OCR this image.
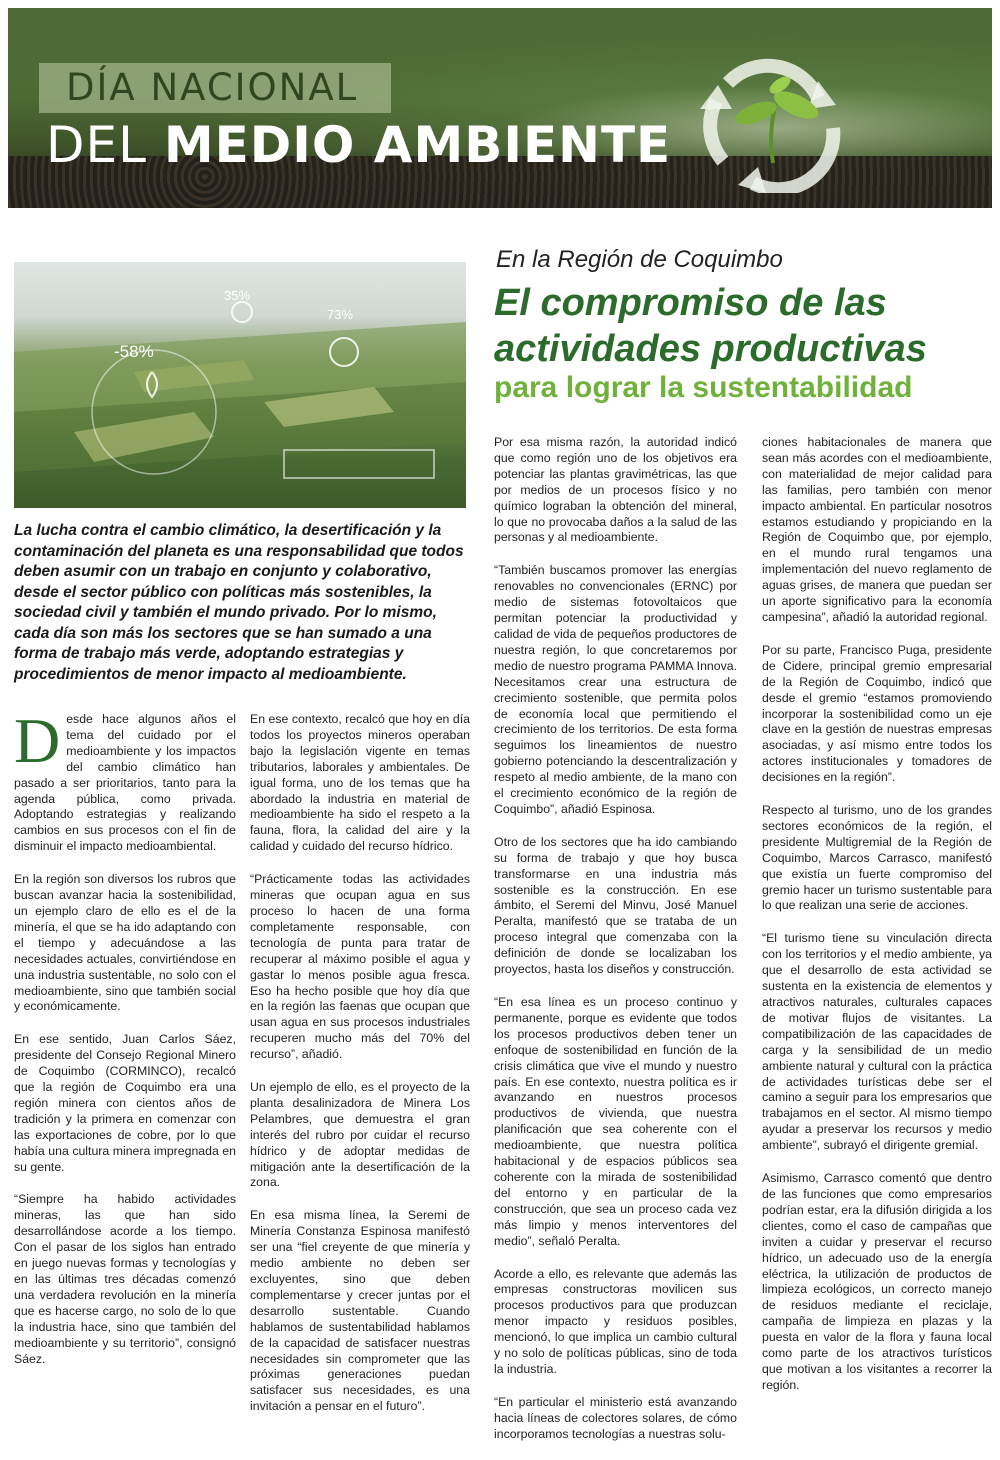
DÍA NACIONAL
DEL MEDIO AMBIENTE
-58%
35%
73%
En la Región de Coquimbo
El compromiso de las actividades productivas
para lograr la sustentabilidad
La lucha contra el cambio climático, la desertificación y la contaminación del planeta es una responsabilidad que todos deben asumir con un trabajo en conjunto y colaborativo, desde el sector público con políticas más sostenibles, la sociedad civil y también el mundo privado. Por lo mismo, cada día son más los sectores que se han sumado a una forma de trabajo más verde, adoptando estrategias y procedimientos de menor impacto al medioambiente.

Desde hace algunos años el tema del cuidado por el medioambiente y los impactos del cambio climático han pasado a ser prioritarios, tanto para la agenda pública, como privada. Adoptando estrategias y realizando cambios en sus procesos con el fin de disminuir el impacto medioambiental.

En la región son diversos los rubros que buscan avanzar hacia la sostenibilidad, un ejemplo claro de ello es el de la minería, el que se ha ido adaptando con el tiempo y adecuándose a las necesidades actuales, convirtiéndose en una industria sustentable, no solo con el medioambiente, sino que también social y económicamente.

En ese sentido, Juan Carlos Sáez, presidente del Consejo Regional Minero de Coquimbo (CORMINCO), recalcó que la región de Coquimbo era una región minera con cientos años de tradición y la primera en comenzar con las exportaciones de cobre, por lo que había una cultura minera impregnada en su gente.

“Siempre ha habido actividades mineras, las que han sido desarrollándose acorde a los tiempo. Con el pasar de los siglos han entrado en juego nuevas formas y tecnologías y en las últimas tres décadas comenzó una verdadera revolución en la minería que es hacerse cargo, no solo de lo que la industria hace, sino que también del medioambiente y su territorio”, consignó Sáez.

En ese contexto, recalcó que hoy en día todos los proyectos mineros operaban bajo la legislación vigente en temas tributarios, laborales y ambientales. De igual forma, uno de los temas que ha abordado la industria en material de medioambiente ha sido el respeto a la fauna, flora, la calidad del aire y la calidad y cuidado del recurso hídrico.

“Prácticamente todas las actividades mineras que ocupan agua en sus proceso lo hacen de una forma completamente responsable, con tecnología de punta para tratar de recuperar al máximo posible el agua y gastar lo menos posible agua fresca. Eso ha hecho posible que hoy día que en la región las faenas que ocupan que usan agua en sus procesos industriales recuperen mucho más del 70% del recurso”, añadió.

Un ejemplo de ello, es el proyecto de la planta desalinizadora de Minera Los Pelambres, que demuestra el gran interés del rubro por cuidar el recurso hídrico y de adoptar medidas de mitigación ante la desertificación de la zona.

En esa misma línea, la Seremi de Minería Constanza Espinosa manifestó ser una “fiel creyente de que minería y medio ambiente no deben ser excluyentes, sino que deben complementarse y crecer juntas por el desarrollo sustentable. Cuando hablamos de sustentabilidad hablamos de la capacidad de satisfacer nuestras necesidades sin comprometer que las próximas generaciones puedan satisfacer sus necesidades, es una invitación a pensar en el futuro”.

Por esa misma razón, la autoridad indicó que como región uno de los objetivos era potenciar las plantas gravimétricas, las que por medios de un procesos físico y no químico lograban la obtención del mineral, lo que no provocaba daños a la salud de las personas y al medioambiente.

“También buscamos promover las energías renovables no convencionales (ERNC) por medio de sistemas fotovoltaicos que permitan potenciar la productividad y calidad de vida de pequeños productores de nuestra región, lo que concretaremos por medio de nuestro programa PAMMA Innova. Necesitamos crear una estructura de crecimiento sostenible, que permita polos de economía local que permitiendo el crecimiento de los territorios. De esta forma seguimos los lineamientos de nuestro gobierno potenciando la descentralización y respeto al medio ambiente, de la mano con el crecimiento económico de la región de Coquimbo”, añadió Espinosa.

Otro de los sectores que ha ido cambiando su forma de trabajo y que hoy busca transformarse en una industria más sostenible es la construcción. En ese ámbito, el Seremi del Minvu, José Manuel Peralta, manifestó que se trataba de un proceso integral que comenzaba con la definición de donde se localizaban los proyectos, hasta los diseños y construcción.

“En esa línea es un proceso continuo y permanente, porque es evidente que todos los procesos productivos deben tener un enfoque de sostenibilidad en función de la crisis climática que vive el mundo y nuestro país. En ese contexto, nuestra política es ir avanzando en nuestros procesos productivos de vivienda, que nuestra planificación que sea coherente con el medioambiente, que nuestra política habitacional y de espacios públicos sea coherente con la mirada de sostenibilidad del entorno y en particular de la construcción, que sea un proceso cada vez más limpio y menos interventores del medio”, señaló Peralta.

Acorde a ello, es relevante que además las empresas constructoras movilicen sus procesos productivos para que produzcan menor impacto y residuos posibles, mencionó, lo que implica un cambio cultural y no solo de políticas públicas, sino de toda la industria.

“En particular el ministerio está avanzando hacia líneas de colectores solares, de cómo incorporamos tecnologías a nuestras solu-

ciones habitacionales de manera que sean más acordes con el medioambiente, con materialidad de mejor calidad para las familias, pero también con menor impacto ambiental. En particular nosotros estamos estudiando y propiciando en la Región de Coquimbo que, por ejemplo, en el mundo rural tengamos una implementación del nuevo reglamento de aguas grises, de manera que puedan ser un aporte significativo para la economía campesina”, añadió la autoridad regional.

Por su parte, Francisco Puga, presidente de Cidere, principal gremio empresarial de la Región de Coquimbo, indicó que desde el gremio “estamos promoviendo incorporar la sostenibilidad como un eje clave en la gestión de nuestras empresas asociadas, y así mismo entre todos los actores institucionales y tomadores de decisiones en la región”.

Respecto al turismo, uno de los grandes sectores económicos de la región, el presidente Multigremial de la Región de Coquimbo, Marcos Carrasco, manifestó que existía un fuerte compromiso del gremio hacer un turismo sustentable para lo que realizan una serie de acciones.

“El turismo tiene su vinculación directa con los territorios y el medio ambiente, ya que el desarrollo de esta actividad se sustenta en la existencia de elementos y atractivos naturales, culturales capaces de motivar flujos de visitantes. La compatibilización de las capacidades de carga y la sensibilidad de un medio ambiente natural y cultural con la práctica de actividades turísticas debe ser el camino a seguir para los empresarios que trabajamos en el sector. Al mismo tiempo ayudar a preservar los recursos y medio ambiente”, subrayó el dirigente gremial.

Asimismo, Carrasco comentó que dentro de las funciones que como empresarios podrían estar, era la difusión dirigida a los clientes, como el caso de campañas que inviten a cuidar y preservar el recurso hídrico, un adecuado uso de la energía eléctrica, la utilización de productos de limpieza ecológicos, un correcto manejo de residuos mediante el reciclaje, campaña de limpieza en plazas y la puesta en valor de la flora y fauna local como parte de los atractivos turísticos que motivan a los visitantes a recorrer la región.
